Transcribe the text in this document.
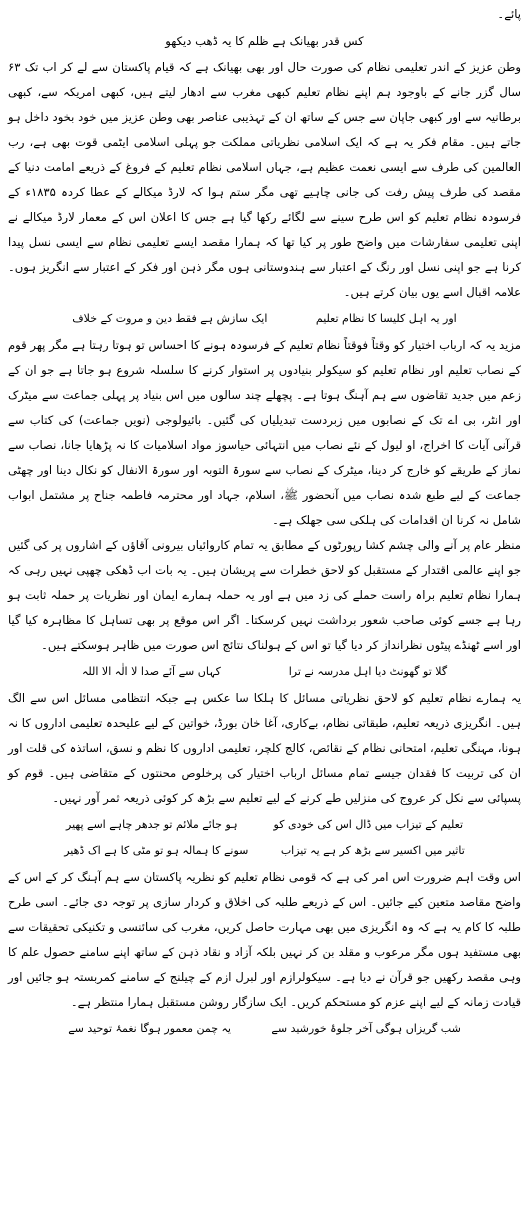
پائے۔

کس قدر بھیانک ہے ظلم کا یہ ڈھب دیکھو

وطن عزیز کے اندر تعلیمی نظام کی صورت حال اور بھی بھیانک ہے کہ قیام پاکستان سے لے کر اب تک ۶۳ سال گزر جانے کے باوجود ہم اپنے نظام تعلیم کبھی مغرب سے ادھار لیتے ہیں، کبھی امریکہ سے، کبھی برطانیہ سے اور کبھی جاپان سے جس کے ساتھ ان کے تہذیبی عناصر بھی وطن عزیز میں خود بخود داخل ہو جاتے ہیں۔ مقام فکر یہ ہے کہ ایک اسلامی نظریاتی مملکت جو پہلی اسلامی ایٹمی قوت بھی ہے، رب العالمین کی طرف سے ایسی نعمت عظیم ہے، جہاں اسلامی نظام تعلیم کے فروغ کے ذریعے امامت دنیا کے مقصد کی طرف پیش رفت کی جانی چاہیے تھی مگر ستم ہوا کہ لارڈ میکالے کے عطا کردہ ۱۸۳۵ء کے فرسودہ نظام تعلیم کو اس طرح سینے سے لگائے رکھا گیا ہے جس کا اعلان اس کے معمار لارڈ میکالے نے اپنی تعلیمی سفارشات میں واضح طور پر کیا تھا کہ ہمارا مقصد ایسے تعلیمی نظام سے ایسی نسل پیدا کرنا ہے جو اپنی نسل اور رنگ کے اعتبار سے ہندوستانی ہوں مگر ذہن اور فکر کے اعتبار سے انگریز ہوں۔ علامہ اقبال اسے یوں بیان کرتے ہیں۔

اور یہ اہل کلیسا کا نظام تعلیم
ایک سازش ہے فقط دین و مروت کے خلاف

مزید یہ کہ ارباب اختیار کو وقتاً فوقتاً نظام تعلیم کے فرسودہ ہونے کا احساس تو ہوتا رہتا ہے مگر پھر قوم کے نصاب تعلیم اور نظام تعلیم کو سیکولر بنیادوں پر استوار کرنے کا سلسلہ شروع ہو جاتا ہے جو ان کے زعم میں جدید تقاضوں سے ہم آہنگ ہوتا ہے۔ پچھلے چند سالوں میں اس بنیاد پر پہلی جماعت سے میٹرک اور انٹر، بی اے تک کے نصابوں میں زبردست تبدیلیاں کی گئیں۔ بائیولوجی (نویں جماعت) کی کتاب سے قرآنی آیات کا اخراج، او لیول کے نئے نصاب میں انتہائی حیاسوز مواد اسلامیات کا نہ پڑھایا جانا، نصاب سے نماز کے طریقے کو خارج کر دینا، میٹرک کے نصاب سے سورۃ التوبہ اور سورۃ الانفال کو نکال دینا اور چھٹی جماعت کے لیے طبع شدہ نصاب میں آنحضور ﷺ، اسلام، جہاد اور محترمہ فاطمہ جناح پر مشتمل ابواب شامل نہ کرنا ان اقدامات کی ہلکی سی جھلک ہے۔

منظر عام پر آنے والی چشم کشا رپورٹوں کے مطابق یہ تمام کاروائیاں بیرونی آقاؤں کے اشاروں پر کی گئیں جو اپنے عالمی اقتدار کے مستقبل کو لاحق خطرات سے پریشان ہیں۔ یہ بات اب ڈھکی چھپی نہیں رہی کہ ہمارا نظام تعلیم براہ راست حملے کی زد میں ہے اور یہ حملہ ہمارے ایمان اور نظریات پر حملہ ثابت ہو رہا ہے جسے کوئی صاحب شعور برداشت نہیں کرسکتا۔ اگر اس موقع پر بھی تساہل کا مظاہرہ کیا گیا اور اسے ٹھنڈے پیٹوں نظرانداز کر دیا گیا تو اس کے ہولناک نتائج اس صورت میں ظاہر ہوسکتے ہیں۔

گلا تو گھونٹ دیا اہل مدرسہ نے ترا
کہاں سے آئے صدا لا الٰہ الا اللہ

یہ ہمارے نظام تعلیم کو لاحق نظریاتی مسائل کا ہلکا سا عکس ہے جبکہ انتظامی مسائل اس سے الگ ہیں۔ انگریزی ذریعہ تعلیم، طبقاتی نظام، بےکاری، آغا خان بورڈ، خواتین کے لیے علیحدہ تعلیمی اداروں کا نہ ہونا، مہنگی تعلیم، امتحانی نظام کے نقائص، کالج کلچر، تعلیمی اداروں کا نظم و نسق، اساتذہ کی قلت اور ان کی تربیت کا فقدان جیسے تمام مسائل ارباب اختیار کی پرخلوص محنتوں کے متقاضی ہیں۔ قوم کو پسپائی سے نکل کر عروج کی منزلیں طے کرنے کے لیے تعلیم سے بڑھ کر کوئی ذریعہ ثمر آور نہیں۔

تعلیم کے تیزاب میں ڈال اس کی خودی کو
ہو جائے ملائم تو جدھر چاہے اسے پھیر
تاثیر میں اکسیر سے بڑھ کر ہے یہ تیزاب
سونے کا ہمالہ ہو تو مٹی کا ہے اک ڈھیر

اس وقت اہم ضرورت اس امر کی ہے کہ قومی نظام تعلیم کو نظریہ پاکستان سے ہم آہنگ کر کے اس کے واضح مقاصد متعین کیے جائیں۔ اس کے ذریعے طلبہ کی اخلاق و کردار سازی پر توجہ دی جائے۔ اسی طرح طلبہ کا کام یہ ہے کہ وہ انگریزی میں بھی مہارت حاصل کریں، مغرب کی سائنسی و تکنیکی تحقیقات سے بھی مستفید ہوں مگر مرعوب و مقلد بن کر نہیں بلکہ آزاد و نقاد ذہن کے ساتھ اپنے سامنے حصول علم کا وہی مقصد رکھیں جو قرآن نے دیا ہے۔ سیکولرازم اور لبرل ازم کے چیلنج کے سامنے کمربستہ ہو جائیں اور قیادت زمانہ کے لیے اپنے عزم کو مستحکم کریں۔ ایک سازگار روشن مستقبل ہمارا منتظر ہے۔

شب گریزاں ہوگی آخر جلوۂ خورشید سے
یہ چمن معمور ہوگا نغمۂ توحید سے
